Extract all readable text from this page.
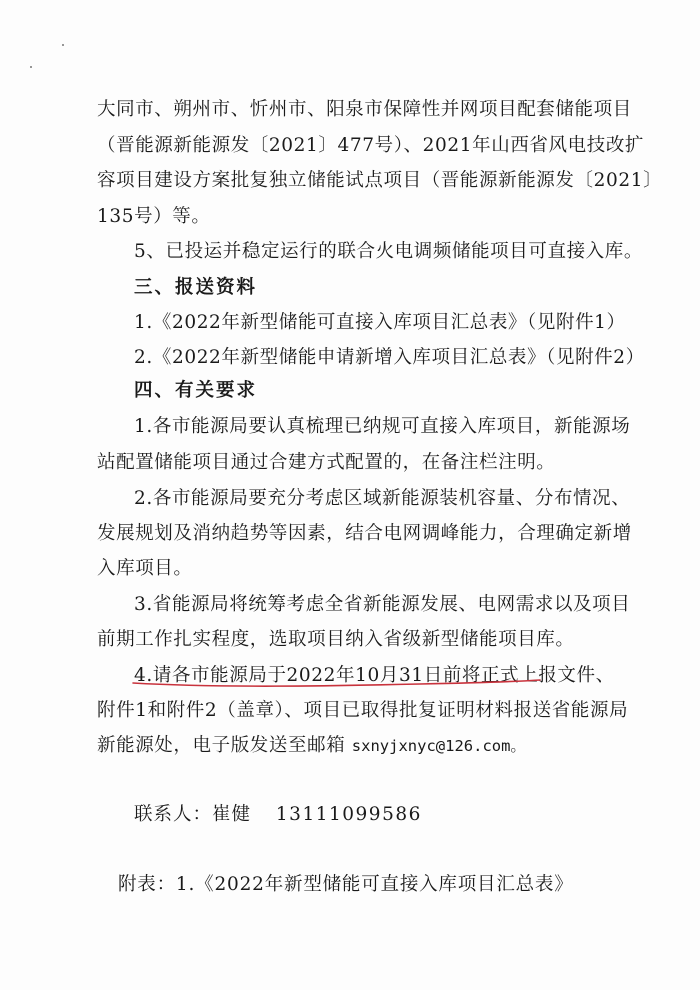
大同市、朔州市、忻州市、阳泉市保障性并网项目配套储能项目
（晋能源新能源发〔2021〕477号）、2021年山西省风电技改扩
容项目建设方案批复独立储能试点项目（晋能源新能源发〔2021〕
135号）等。
5、已投运并稳定运行的联合火电调频储能项目可直接入库。
三、报送资料
1.《2022年新型储能可直接入库项目汇总表》（见附件1）
2.《2022年新型储能申请新增入库项目汇总表》（见附件2）
四、有关要求
1.各市能源局要认真梳理已纳规可直接入库项目，新能源场
站配置储能项目通过合建方式配置的，在备注栏注明。
2.各市能源局要充分考虑区域新能源装机容量、分布情况、
发展规划及消纳趋势等因素，结合电网调峰能力，合理确定新增
入库项目。
3.省能源局将统筹考虑全省新能源发展、电网需求以及项目
前期工作扎实程度，选取项目纳入省级新型储能项目库。
4.请各市能源局于2022年10月31日前将正式上报文件、
附件1和附件2（盖章）、项目已取得批复证明材料报送省能源局
新能源处，电子版发送至邮箱 sxnyjxnyc@126.com。
联系人：崔健 13111099586
附表：1.《2022年新型储能可直接入库项目汇总表》
